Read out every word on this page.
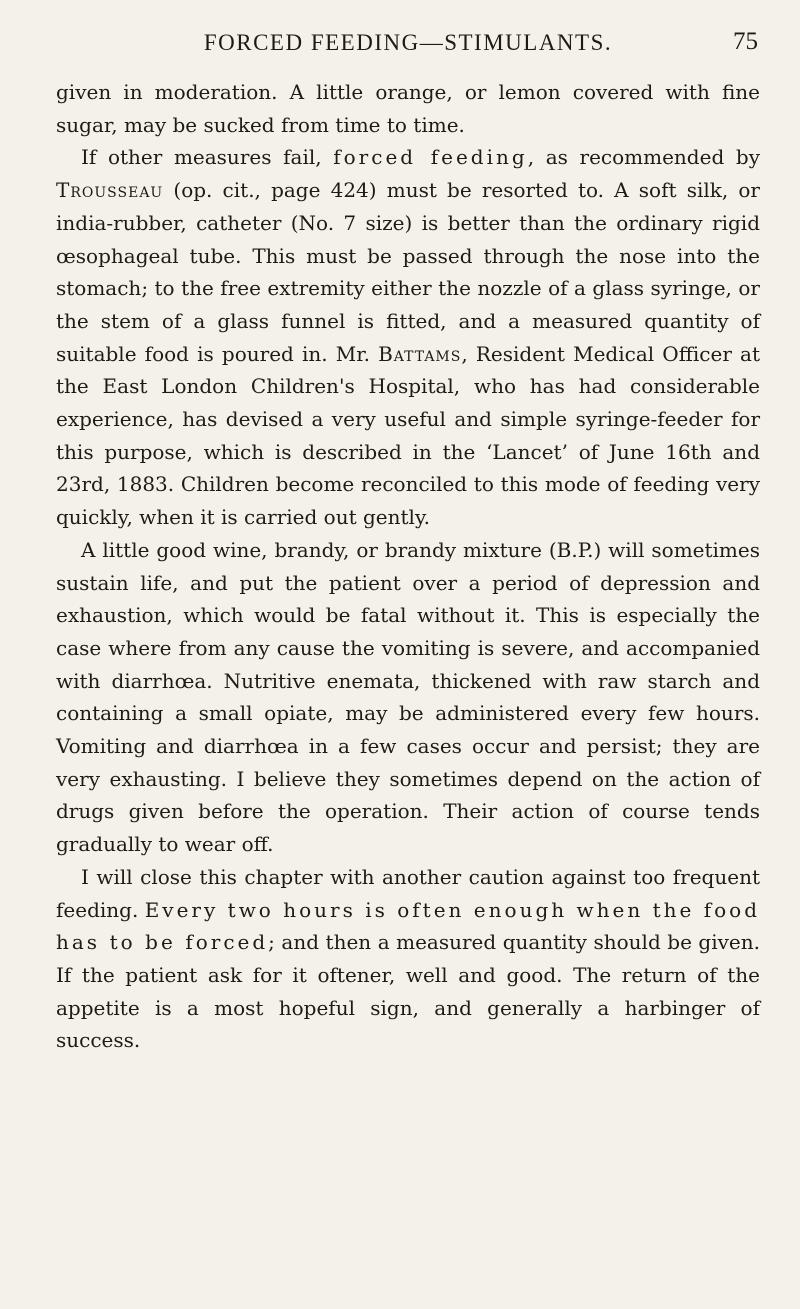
FORCED FEEDING—STIMULANTS.	75

given in moderation. A little orange, or lemon covered with fine sugar, may be sucked from time to time.

If other measures fail, forced feeding, as recommended by Trousseau (op. cit., page 424) must be resorted to. A soft silk, or india-rubber, catheter (No. 7 size) is better than the ordinary rigid œsophageal tube. This must be passed through the nose into the stomach; to the free extremity either the nozzle of a glass syringe, or the stem of a glass funnel is fitted, and a measured quantity of suitable food is poured in. Mr. Battams, Resident Medical Officer at the East London Children's Hospital, who has had considerable experience, has devised a very useful and simple syringe-feeder for this purpose, which is described in the ‘Lancet’ of June 16th and 23rd, 1883. Children become reconciled to this mode of feeding very quickly, when it is carried out gently.

A little good wine, brandy, or brandy mixture (B.P.) will sometimes sustain life, and put the patient over a period of depression and exhaustion, which would be fatal without it. This is especially the case where from any cause the vomiting is severe, and accompanied with diarrhœa. Nutritive enemata, thickened with raw starch and containing a small opiate, may be administered every few hours. Vomiting and diarrhœa in a few cases occur and persist; they are very exhausting. I believe they sometimes depend on the action of drugs given before the operation. Their action of course tends gradually to wear off.

I will close this chapter with another caution against too frequent feeding. Every two hours is often enough when the food has to be forced; and then a measured quantity should be given. If the patient ask for it oftener, well and good. The return of the appetite is a most hopeful sign, and generally a harbinger of success.
